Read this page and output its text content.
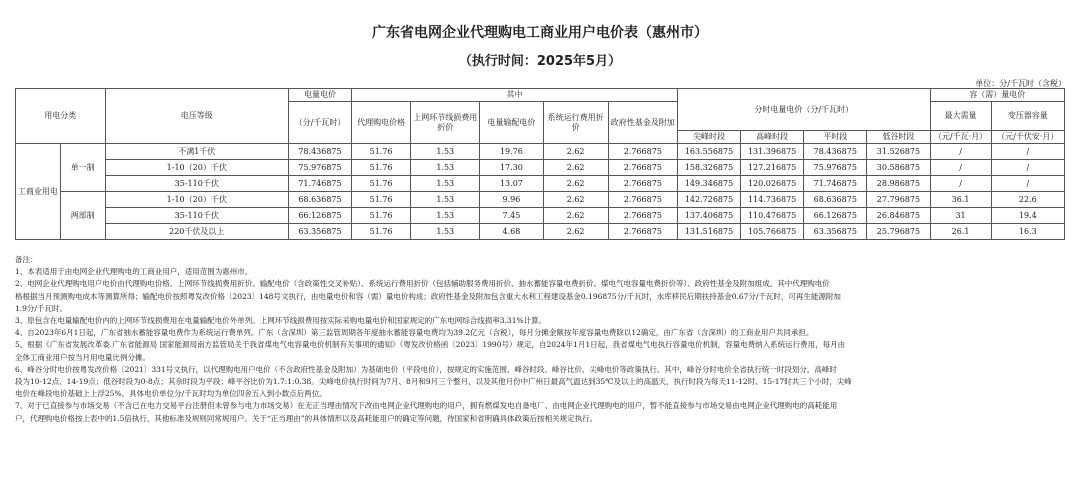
广东省电网企业代理购电工商业用户电价表（惠州市）
（执行时间：2025年5月）
单位：分/千瓦时（含税）
用电分类		电压等级	电量电价	其中					分时电量电价（分/千瓦时）				容（需）量电价	
			（分/千瓦时）	代理购电价格	上网环节线损费用折价	电量输配电价	系统运行费用折价	政府性基金及附加					最大需量	变压器容量
									尖峰时段	高峰时段	平时段	低谷时段	（元/千瓦·月）	（元/千伏安·月）
工商业用电	单一制	不满1千伏	78.436875	51.76	1.53	19.76	2.62	2.766875	163.556875	131.396875	78.436875	31.526875	/	/
		1-10（20）千伏	75.976875	51.76	1.53	17.30	2.62	2.766875	158.326875	127.216875	75.976875	30.586875	/	/
		35-110千伏	71.746875	51.76	1.53	13.07	2.62	2.766875	149.346875	120.026875	71.746875	28.986875	/	/
	两部制	1-10（20）千伏	68.636875	51.76	1.53	9.96	2.62	2.766875	142.726875	114.736875	68.636875	27.796875	36.1	22.6
		35-110千伏	66.126875	51.76	1.53	7.45	2.62	2.766875	137.406875	110.476875	66.126875	26.846875	31	19.4
		220千伏及以上	63.356875	51.76	1.53	4.68	2.62	2.766875	131.516875	105.766875	63.356875	25.796875	26.1	16.3
备注：
1、本表适用于由电网企业代理购电的工商业用户，适用范围为惠州市。
2、电网企业代理购电用户电价由代理购电价格、上网环节线损费用折价、输配电价（含政策性交叉补贴）、系统运行费用折价（包括辅助服务费用折价、抽水蓄能容量电费折价、煤电气电容量电费折价等）、政府性基金及附加组成。其中代理购电价
格根据当月预测购电成本等测算所得；输配电价按照粤发改价格〔2023〕148号文执行，由电量电价和容（需）量电价构成；政府性基金及附加包含重大水利工程建设基金0.196875分/千瓦时，水库移民后期扶持基金0.67分/千瓦时，可再生能源附加
1.9分/千瓦时。
3、原包含在电量输配电价内的上网环节线损费用在电量输配电价外单列。上网环节线损费用按实际采购电量电价和国家规定的广东电网综合线损率3.31%计算。
4、自2023年6月1日起，广东省抽水蓄能容量电费作为系统运行费单列。广东（含深圳）第三监管周期各年度抽水蓄能容量电费均为39.2亿元（含税），每月分摊金额按年度容量电费除以12确定，由广东省（含深圳）的工商业用户共同承担。
5、根据《广东省发展改革委 广东省能源局 国家能源局南方监管局关于我省煤电气电容量电价机制有关事项的通知》（粤发改价格函〔2023〕1990号）规定，自2024年1月1日起，我省煤电气电执行容量电价机制，容量电费纳入系统运行费用，每月由
全体工商业用户按当月用电量比例分摊。
6、峰谷分时电价按粤发改价格〔2021〕331号文执行，以代理购电用户电价（不含政府性基金及附加）为基础电价（平段电价），按规定的实施范围、峰谷时段、峰谷比价、尖峰电价等政策执行。其中，峰谷分时电价全省执行统一时段划分，高峰时
段为10-12点、14-19点；低谷时段为0-8点；其余时段为平段；峰平谷比价为1.7:1:0.38。尖峰电价执行时间为7月、8月和9月三个整月，以及其他月份中广州日最高气温达到35℃及以上的高温天，执行时段为每天11-12时、15-17时共三个小时，尖峰
电价在峰段电价基础上上浮25%。具体电价单位分/千瓦时均为单位四舍五入到小数点后两位。
7、对于已直接参与市场交易（不含已在电力交易平台注册但未曾参与电力市场交易）在无正当理由情况下改由电网企业代理购电的用户，拥有燃煤发电自备电厂、由电网企业代理购电的用户，暂不能直接参与市场交易由电网企业代理购电的高耗能用
户，代理购电价格按上表中的1.5倍执行，其他标准及规则同常规用户。关于“正当理由”的具体情形以及高耗能用户的确定等问题，待国家和省明确具体政策后按相关规定执行。
